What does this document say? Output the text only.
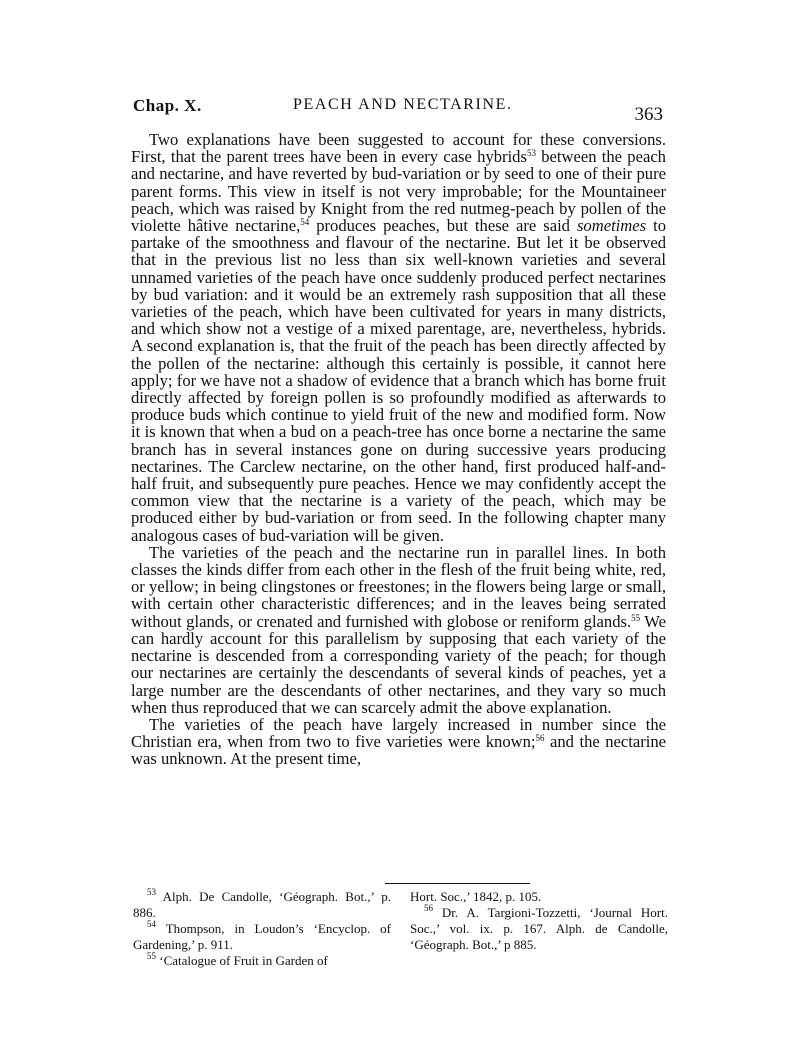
Chap. X.	PEACH AND NECTARINE.	363

Two explanations have been suggested to account for these conversions. First, that the parent trees have been in every case hybrids$^{53}$ between the peach and nectarine, and have reverted by bud-variation or by seed to one of their pure parent forms. This view in itself is not very improbable; for the Mountaineer peach, which was raised by Knight from the red nutmeg-peach by pollen of the violette hâtive nectarine,$^{54}$ produces peaches, but these are said sometimes to partake of the smoothness and flavour of the nectarine. But let it be observed that in the previous list no less than six well-known varieties and several unnamed varieties of the peach have once suddenly produced perfect nectarines by bud variation: and it would be an extremely rash supposition that all these varieties of the peach, which have been cultivated for years in many districts, and which show not a vestige of a mixed parentage, are, nevertheless, hybrids. A second explanation is, that the fruit of the peach has been directly affected by the pollen of the nectarine: although this certainly is possible, it cannot here apply; for we have not a shadow of evidence that a branch which has borne fruit directly affected by foreign pollen is so profoundly modified as afterwards to produce buds which continue to yield fruit of the new and modified form. Now it is known that when a bud on a peach-tree has once borne a nectarine the same branch has in several instances gone on during successive years producing nectarines. The Carclew nectarine, on the other hand, first produced half-and-half fruit, and subsequently pure peaches. Hence we may confidently accept the common view that the nectarine is a variety of the peach, which may be produced either by bud-variation or from seed. In the following chapter many analogous cases of bud-variation will be given.

The varieties of the peach and the nectarine run in parallel lines. In both classes the kinds differ from each other in the flesh of the fruit being white, red, or yellow; in being clingstones or freestones; in the flowers being large or small, with certain other characteristic differences; and in the leaves being serrated without glands, or crenated and furnished with globose or reniform glands.$^{55}$ We can hardly account for this parallelism by supposing that each variety of the nectarine is descended from a corresponding variety of the peach; for though our nectarines are certainly the descendants of several kinds of peaches, yet a large number are the descendants of other nectarines, and they vary so much when thus reproduced that we can scarcely admit the above explanation.

The varieties of the peach have largely increased in number since the Christian era, when from two to five varieties were known;$^{56}$ and the nectarine was unknown. At the present time,

$^{53}$ Alph. De Candolle, ‘Géograph. Bot.,’ p. 886.

$^{54}$ Thompson, in Loudon’s ‘Encyclop. of Gardening,’ p. 911.

$^{55}$ ‘Catalogue of Fruit in Garden of

Hort. Soc.,’ 1842, p. 105.

$^{56}$ Dr. A. Targioni-Tozzetti, ‘Journal Hort. Soc.,’ vol. ix. p. 167. Alph. de Candolle, ‘Géograph. Bot.,’ p 885.
